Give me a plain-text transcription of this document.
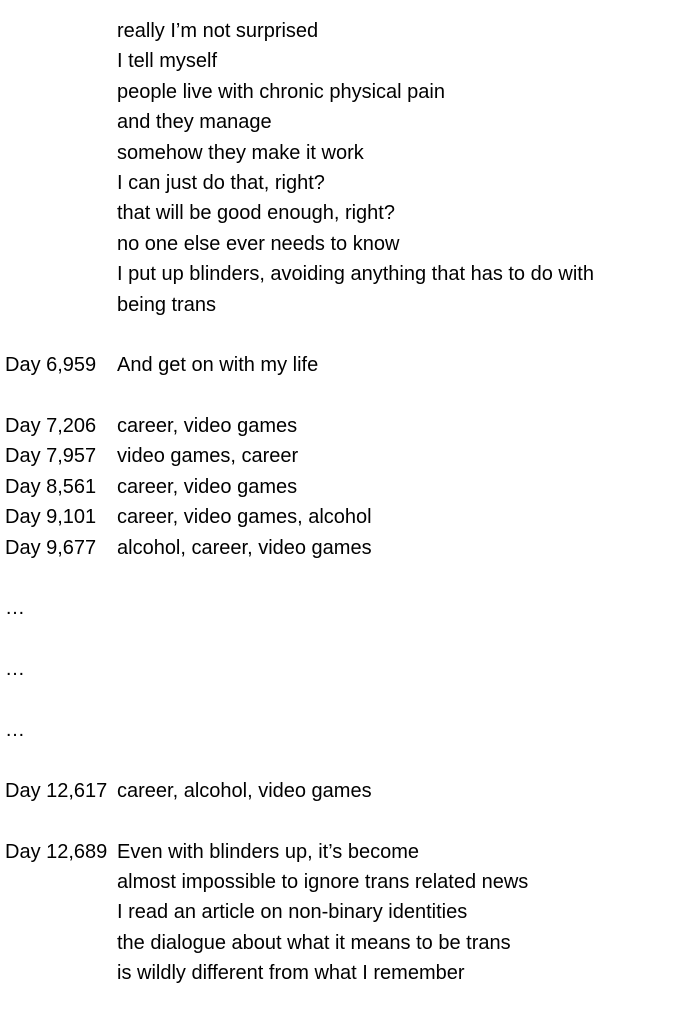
really I’m not surprised
I tell myself
people live with chronic physical pain
and they manage
somehow they make it work
I can just do that, right?
that will be good enough, right?
no one else ever needs to know
I put up blinders, avoiding anything that has to do with
being trans
Day 6,959	And get on with my life
Day 7,206	career, video games
Day 7,957	video games, career
Day 8,561	career, video games
Day 9,101	career, video games, alcohol
Day 9,677	alcohol, career, video games
…
…
…
Day 12,617 career, alcohol, video games
Day 12,689 Even with blinders up, it’s become
almost impossible to ignore trans related news
I read an article on non-binary identities
the dialogue about what it means to be trans
is wildly different from what I remember
